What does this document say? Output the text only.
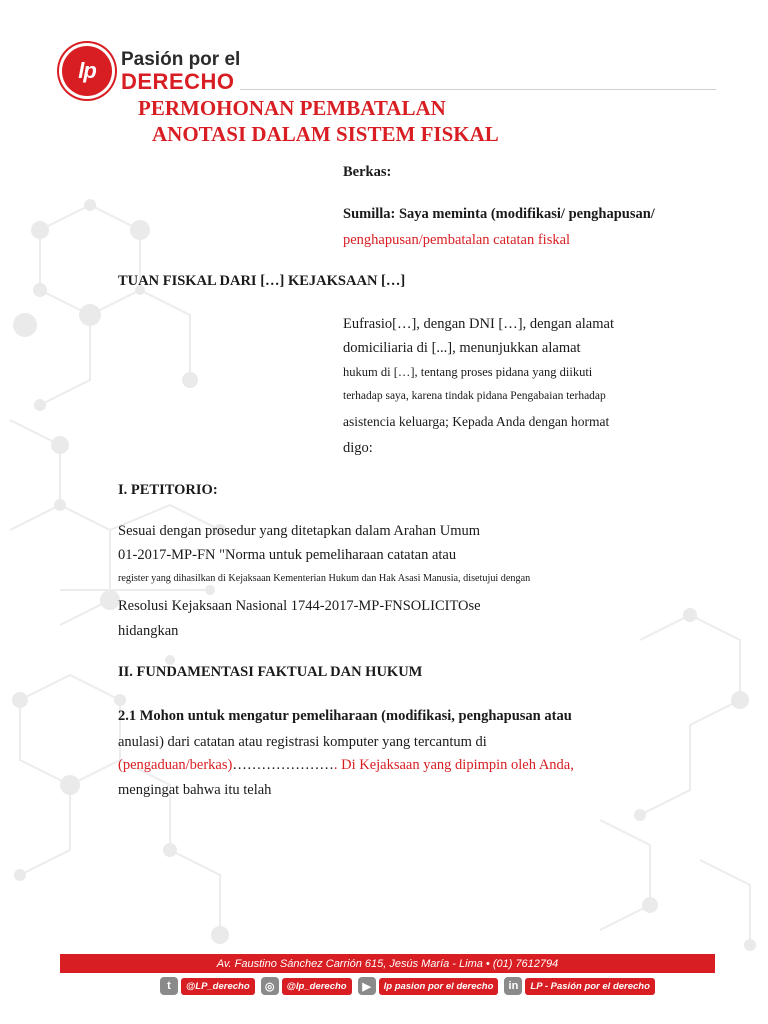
lp	Pasión por el
DERECHO
PERMOHONAN PEMBATALAN
ANOTASI DALAM SISTEM FISKAL
Berkas:
Sumilla: Saya meminta (modifikasi/ penghapusan/
penghapusan/pembatalan catatan fiskal
TUAN FISKAL DARI […] KEJAKSAAN […]
Eufrasio[…], dengan DNI […], dengan alamat
domiciliaria di [...], menunjukkan alamat
hukum di […], tentang proses pidana yang diikuti
terhadap saya, karena tindak pidana Pengabaian terhadap
asistencia keluarga; Kepada Anda dengan hormat
digo:
I. PETITORIO:
Sesuai dengan prosedur yang ditetapkan dalam Arahan Umum
01-2017-MP-FN "Norma untuk pemeliharaan catatan atau
register yang dihasilkan di Kejaksaan Kementerian Hukum dan Hak Asasi Manusia, disetujui dengan
Resolusi Kejaksaan Nasional 1744-2017-MP-FNSOLICITOse
hidangkan
II. FUNDAMENTASI FAKTUAL DAN HUKUM
2.1 Mohon untuk mengatur pemeliharaan (modifikasi, penghapusan atau
anulasi) dari catatan atau registrasi komputer yang tercantum di
(pengaduan/berkas)…………………. Di Kejaksaan yang dipimpin oleh Anda,
mengingat bahwa itu telah
Av. Faustino Sánchez Carrión 615, Jesús María - Lima • (01) 7612794
t	@LP_derecho	◎	@lp_derecho	▶	lp pasion por el derecho	in	LP - Pasión por el derecho
